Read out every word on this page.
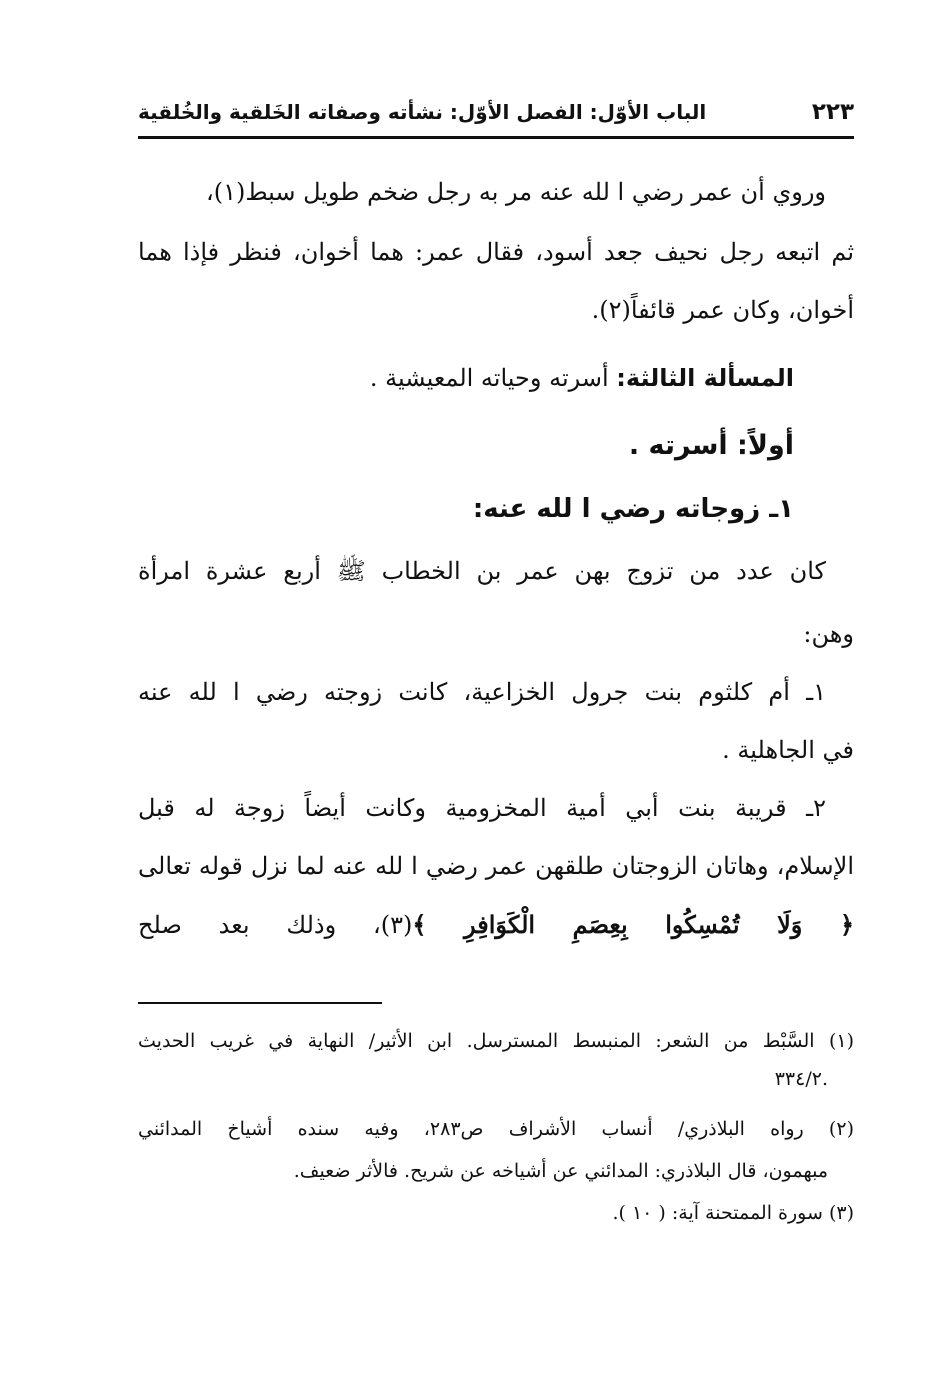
٢٢٣
الباب الأوّل: الفصل الأوّل: نشأته وصفاته الخَلقية والخُلقية
وروي أن عمر رضي ا لله عنه مر به رجل ضخم طويل سبط(١)،
ثم اتبعه رجل نحيف جعد أسود، فقال عمر: هما أخوان، فنظر فإذا هما
أخوان، وكان عمر قائفاً(٢).
المسألة الثالثة: أسرته وحياته المعيشية .
أولاً: أسرته .
١ـ زوجاته رضي ا لله عنه:
كان عدد من تزوج بهن عمر بن الخطاب ﷺ أربع عشرة امرأة
وهن:
١ـ أم كلثوم بنت جرول الخزاعية، كانت زوجته رضي ا لله عنه
في الجاهلية .
٢ـ قريبة بنت أبي أمية المخزومية وكانت أيضاً زوجة له قبل
الإسلام، وهاتان الزوجتان طلقهن عمر رضي ا لله عنه لما نزل قوله تعالى
﴿ وَلَا تُمْسِكُوا بِعِصَمِ الْكَوَافِرِ ﴾(٣)، وذلك بعد صلح
(١) السَّبْط من الشعر: المنبسط المسترسل. ابن الأثير/ النهاية في غريب الحديث
.٣٣٤/٢
(٢) رواه البلاذري/ أنساب الأشراف ص٢٨٣، وفيه سنده أشياخ المدائني
مبهمون، قال البلاذري: المدائني عن أشياخه عن شريح. فالأثر ضعيف.
(٣) سورة الممتحنة آية: ( ١٠ ).
